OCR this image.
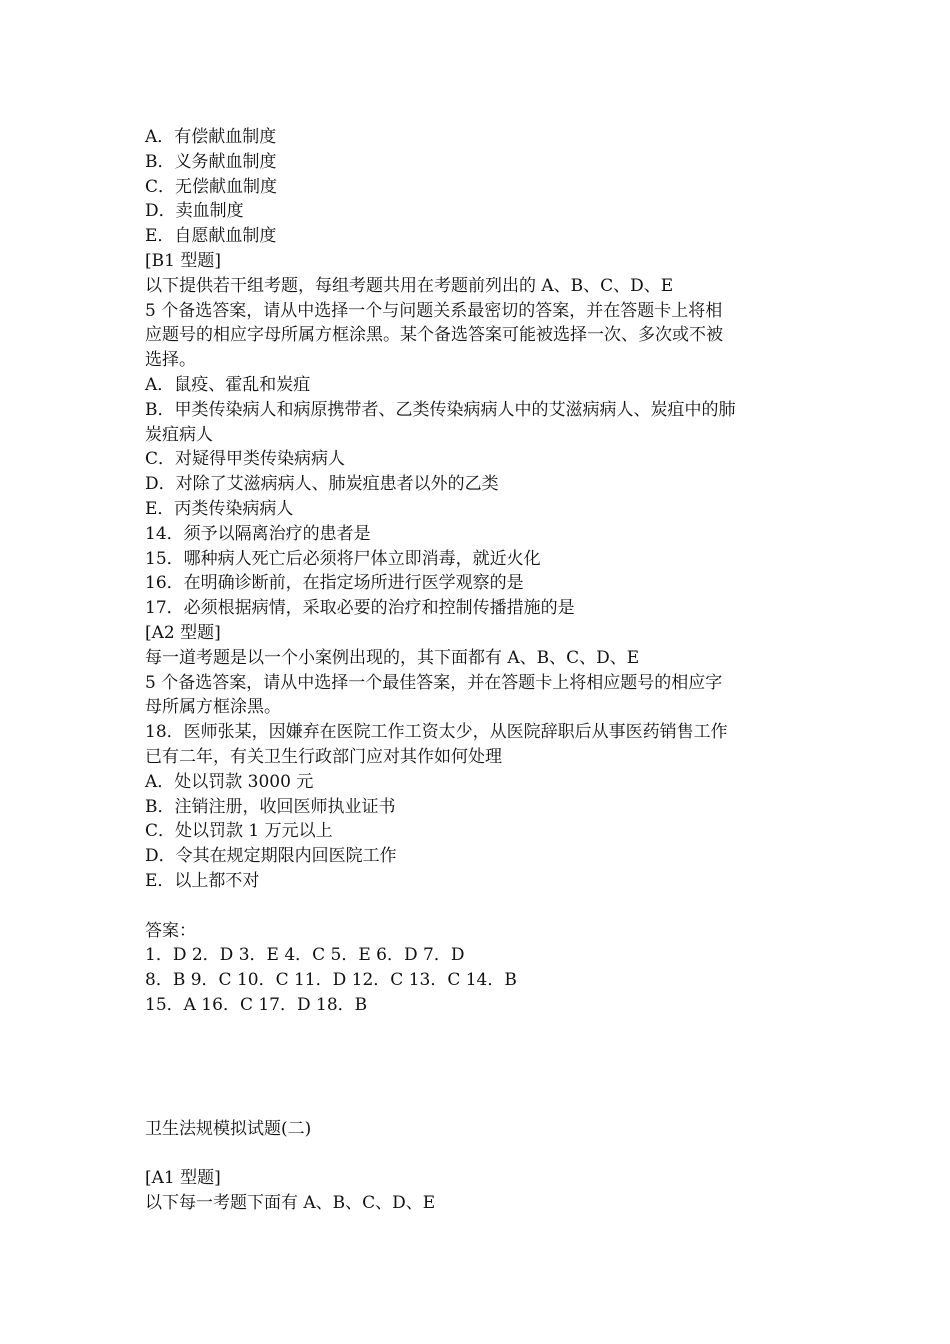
A．有偿献血制度
B．义务献血制度
C．无偿献血制度
D．卖血制度
E．自愿献血制度
[B1 型题]
以下提供若干组考题，每组考题共用在考题前列出的 A、B、C、D、E
5 个备选答案，请从中选择一个与问题关系最密切的答案，并在答题卡上将相
应题号的相应字母所属方框涂黑。某个备选答案可能被选择一次、多次或不被
选择。
A．鼠疫、霍乱和炭疽
B．甲类传染病人和病原携带者、乙类传染病病人中的艾滋病病人、炭疽中的肺
炭疽病人
C．对疑得甲类传染病病人
D．对除了艾滋病病人、肺炭疽患者以外的乙类
E．丙类传染病病人
14．须予以隔离治疗的患者是
15．哪种病人死亡后必须将尸体立即消毒，就近火化
16．在明确诊断前，在指定场所进行医学观察的是
17．必须根据病情，采取必要的治疗和控制传播措施的是
[A2 型题]
每一道考题是以一个小案例出现的，其下面都有 A、B、C、D、E
5 个备选答案，请从中选择一个最佳答案，并在答题卡上将相应题号的相应字
母所属方框涂黑。
18．医师张某，因嫌弃在医院工作工资太少，从医院辞职后从事医药销售工作
已有二年，有关卫生行政部门应对其作如何处理
A．处以罚款 3000 元
B．注销注册，收回医师执业证书
C．处以罚款 1 万元以上
D．令其在规定期限内回医院工作
E．以上都不对
答案：
1．D 2．D 3．E 4．C 5．E 6．D 7．D
8．B 9．C 10．C 11．D 12．C 13．C 14．B
15．A 16．C 17．D 18．B
卫生法规模拟试题(二)
[A1 型题]
以下每一考题下面有 A、B、C、D、E
